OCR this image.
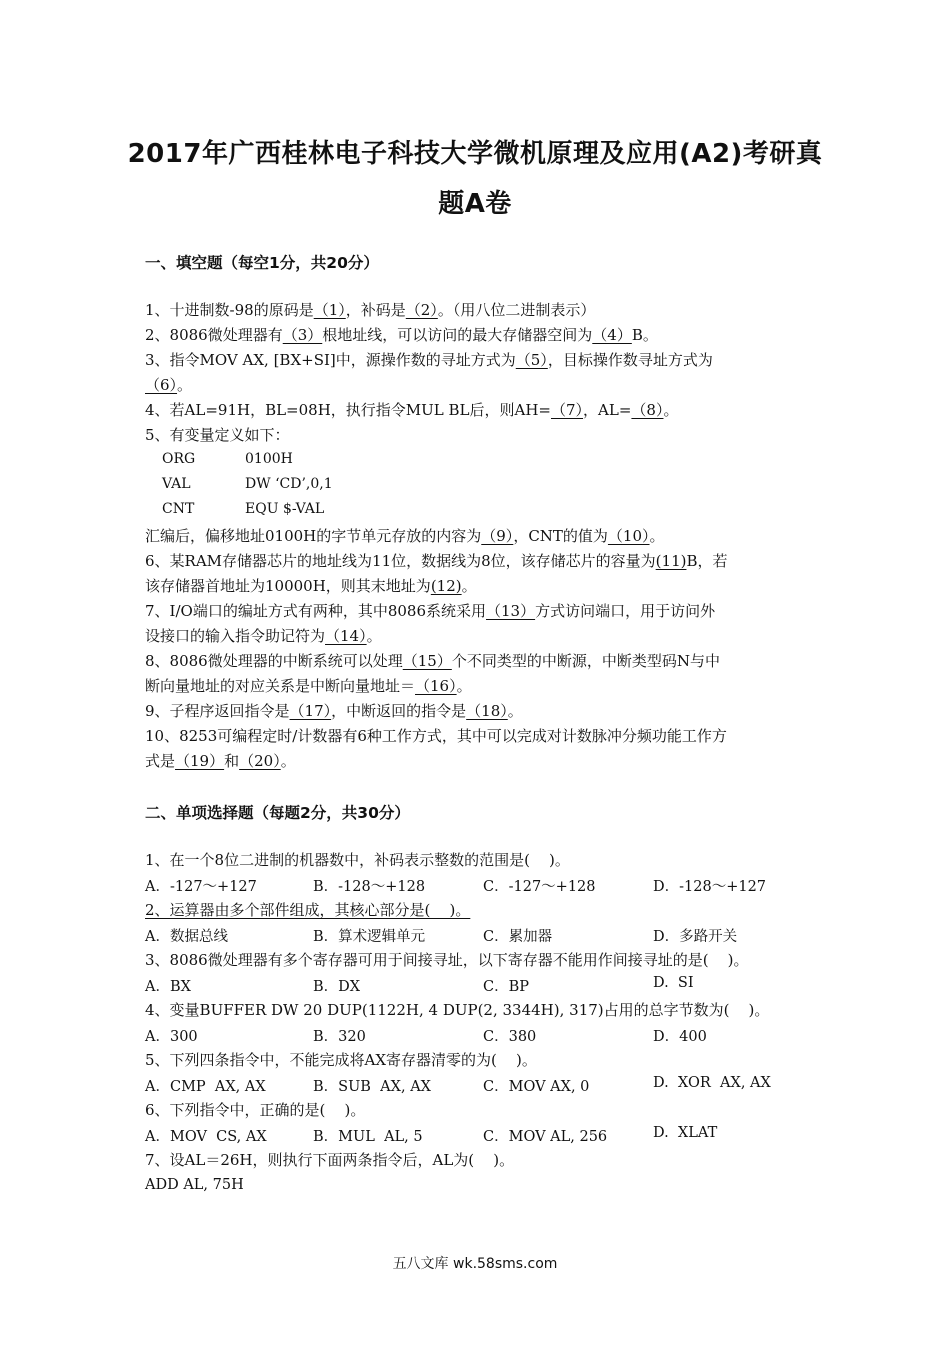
2017年广西桂林电子科技大学微机原理及应用(A2)考研真
题A卷
一、填空题（每空1分，共20分）
1、十进制数-98的原码是（1），补码是（2）。（用八位二进制表示）
2、8086微处理器有（3）根地址线，可以访问的最大存储器空间为（4）B。
3、指令MOV AX, [BX+SI]中，源操作数的寻址方式为（5），目标操作数寻址方式为
（6）。
4、若AL=91H，BL=08H，执行指令MUL BL后，则AH=（7），AL=（8）。
5、有变量定义如下：
ORG	0100H
VAL	DW ‘CD’,0,1
CNT	EQU $-VAL
汇编后，偏移地址0100H的字节单元存放的内容为（9），CNT的值为（10）。
6、某RAM存储器芯片的地址线为11位，数据线为8位，该存储芯片的容量为(11)B，若
该存储器首地址为10000H，则其末地址为(12)。
7、I/O端口的编址方式有两种，其中8086系统采用（13）方式访问端口，用于访问外
设接口的输入指令助记符为（14）。
8、8086微处理器的中断系统可以处理（15）个不同类型的中断源，中断类型码N与中
断向量地址的对应关系是中断向量地址＝（16）。
9、子程序返回指令是（17），中断返回的指令是（18）。
10、8253可编程定时/计数器有6种工作方式，其中可以完成对计数脉冲分频功能工作方
式是（19）和（20）。
二、单项选择题（每题2分，共30分）
1、在一个8位二进制的机器数中，补码表示整数的范围是(    )。

A．-127～+127

	B．-128～+128

	C．-127～+128

	D．-128～+127

2、运算器由多个部件组成，其核心部分是(    )。

A．数据总线

	B．算术逻辑单元

	C．累加器

	D．多路开关

3、8086微处理器有多个寄存器可用于间接寻址，以下寄存器不能用作间接寻址的是(    )。

A．BX

	B．DX

	C．BP

	D.  SI

4、变量BUFFER DW 20 DUP(1122H, 4 DUP(2, 3344H), 317)占用的总字节数为(    )。

A．300

	B．320

	C．380

	D．400

5、下列四条指令中，不能完成将AX寄存器清零的为(    )。

A．CMP  AX, AX

	B．SUB  AX, AX

	C．MOV AX, 0

	D.  XOR  AX, AX

6、下列指令中，正确的是(    )。

A．MOV  CS, AX

	B．MUL  AL, 5

	C．MOV AL, 256

	D.  XLAT

7、设AL＝26H，则执行下面两条指令后，AL为(    )。
ADD AL, 75H
五八文库 wk.58sms.com
